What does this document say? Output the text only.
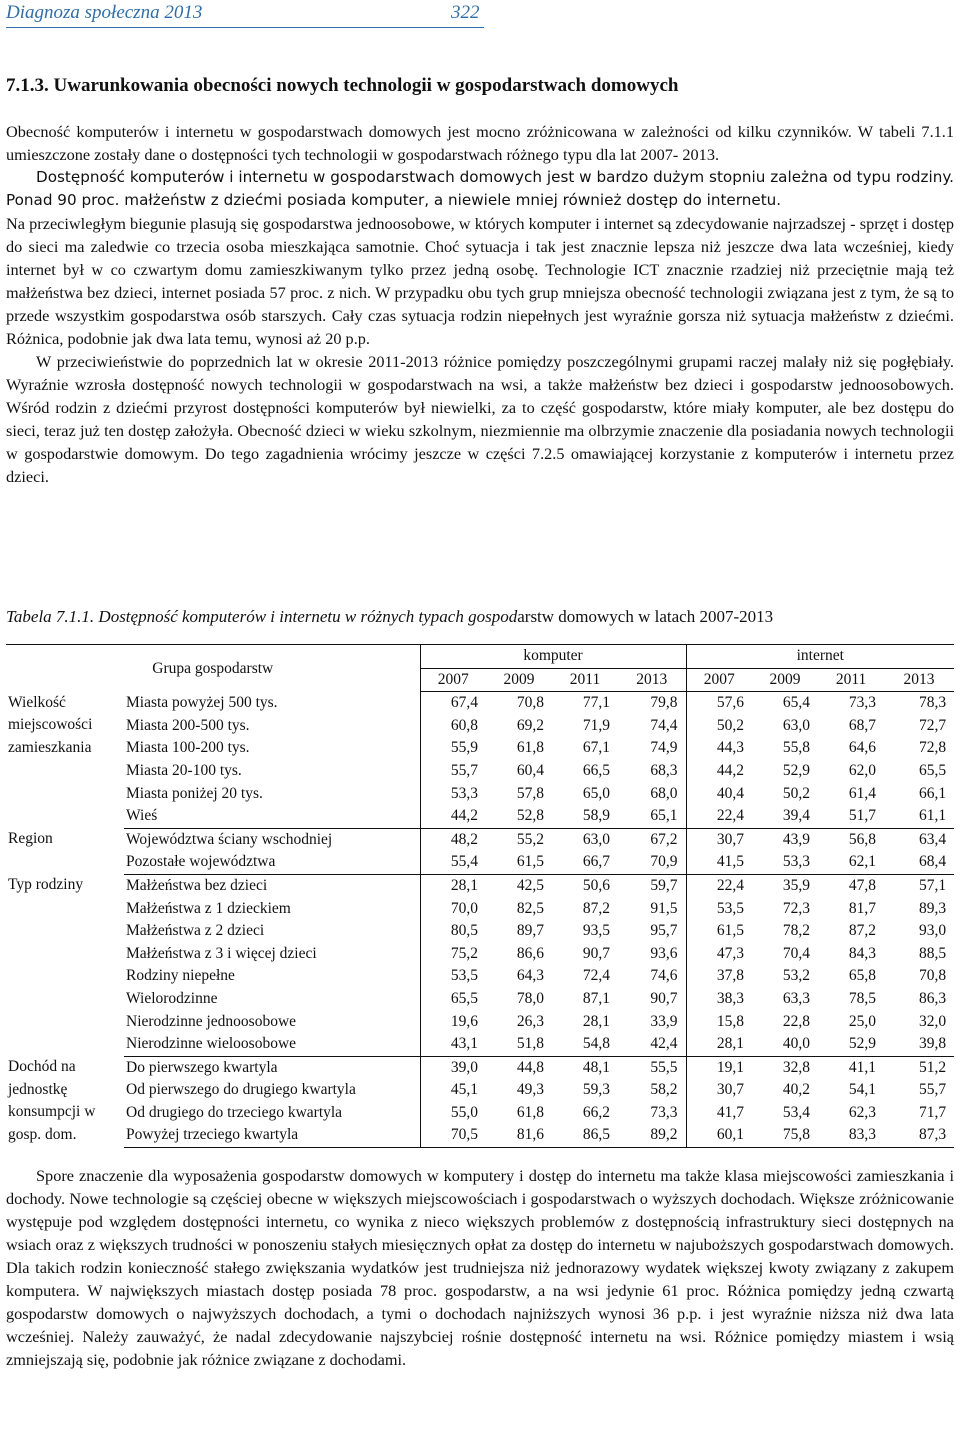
Diagnoza społeczna 2013	322
7.1.3. Uwarunkowania obecności nowych technologii w gospodarstwach domowych

Obecność komputerów i internetu w gospodarstwach domowych jest mocno zróżnicowana w zależności od kilku czynników. W tabeli 7.1.1 umieszczone zostały dane o dostępności tych technologii w gospodarstwach różnego typu dla lat 2007- 2013.

Dostępność komputerów i internetu w gospodarstwach domowych jest w bardzo dużym stopniu zależna od typu rodziny. Ponad 90 proc. małżeństw z dziećmi posiada komputer, a niewiele mniej również dostęp do internetu.

Na przeciwległym biegunie plasują się gospodarstwa jednoosobowe, w których komputer i internet są zdecydowanie najrzadszej - sprzęt i dostęp do sieci ma zaledwie co trzecia osoba mieszkająca samotnie. Choć sytuacja i tak jest znacznie lepsza niż jeszcze dwa lata wcześniej, kiedy internet był w co czwartym domu zamieszkiwanym tylko przez jedną osobę. Technologie ICT znacznie rzadziej niż przeciętnie mają też małżeństwa bez dzieci, internet posiada 57 proc. z nich. W przypadku obu tych grup mniejsza obecność technologii związana jest z tym, że są to przede wszystkim gospodarstwa osób starszych. Cały czas sytuacja rodzin niepełnych jest wyraźnie gorsza niż sytuacja małżeństw z dziećmi. Różnica, podobnie jak dwa lata temu, wynosi aż 20 p.p.

W przeciwieństwie do poprzednich lat w okresie 2011-2013 różnice pomiędzy poszczególnymi grupami raczej malały niż się pogłębiały. Wyraźnie wzrosła dostępność nowych technologii w gospodarstwach na wsi, a także małżeństw bez dzieci i gospodarstw jednoosobowych. Wśród rodzin z dziećmi przyrost dostępności komputerów był niewielki, za to część gospodarstw, które miały komputer, ale bez dostępu do sieci, teraz już ten dostęp założyła. Obecność dzieci w wieku szkolnym, niezmiennie ma olbrzymie znaczenie dla posiadania nowych technologii w gospodarstwie domowym. Do tego zagadnienia wrócimy jeszcze w części 7.2.5 omawiającej korzystanie z komputerów i internetu przez dzieci.

Tabela 7.1.1. Dostępność komputerów i internetu w różnych typach gospodarstw domowych w latach 2007-2013

Grupa gospodarstw		komputer				internet			
		2007	2009	2011	2013	2007	2009	2011	2013
Wielkość miejscowości zamieszkania	Miasta powyżej 500 tys.	67,4	70,8	77,1	79,8	57,6	65,4	73,3	78,3
	Miasta 200-500 tys.	60,8	69,2	71,9	74,4	50,2	63,0	68,7	72,7
	Miasta 100-200 tys.	55,9	61,8	67,1	74,9	44,3	55,8	64,6	72,8
	Miasta 20-100 tys.	55,7	60,4	66,5	68,3	44,2	52,9	62,0	65,5
	Miasta poniżej 20 tys.	53,3	57,8	65,0	68,0	40,4	50,2	61,4	66,1
	Wieś	44,2	52,8	58,9	65,1	22,4	39,4	51,7	61,1
Region	Województwa ściany wschodniej	48,2	55,2	63,0	67,2	30,7	43,9	56,8	63,4
	Pozostałe województwa	55,4	61,5	66,7	70,9	41,5	53,3	62,1	68,4
Typ rodziny	Małżeństwa bez dzieci	28,1	42,5	50,6	59,7	22,4	35,9	47,8	57,1
	Małżeństwa z 1 dzieckiem	70,0	82,5	87,2	91,5	53,5	72,3	81,7	89,3
	Małżeństwa z 2 dzieci	80,5	89,7	93,5	95,7	61,5	78,2	87,2	93,0
	Małżeństwa z 3 i więcej dzieci	75,2	86,6	90,7	93,6	47,3	70,4	84,3	88,5
	Rodziny niepełne	53,5	64,3	72,4	74,6	37,8	53,2	65,8	70,8
	Wielorodzinne	65,5	78,0	87,1	90,7	38,3	63,3	78,5	86,3
	Nierodzinne jednoosobowe	19,6	26,3	28,1	33,9	15,8	22,8	25,0	32,0
	Nierodzinne wieloosobowe	43,1	51,8	54,8	42,4	28,1	40,0	52,9	39,8
Dochód na jednostkę konsumpcji w gosp. dom.	Do pierwszego kwartyla	39,0	44,8	48,1	55,5	19,1	32,8	41,1	51,2
	Od pierwszego do drugiego kwartyla	45,1	49,3	59,3	58,2	30,7	40,2	54,1	55,7
	Od drugiego do trzeciego kwartyla	55,0	61,8	66,2	73,3	41,7	53,4	62,3	71,7
	Powyżej trzeciego kwartyla	70,5	81,6	86,5	89,2	60,1	75,8	83,3	87,3

Spore znaczenie dla wyposażenia gospodarstw domowych w komputery i dostęp do internetu ma także klasa miejscowości zamieszkania i dochody. Nowe technologie są częściej obecne w większych miejscowościach i gospodarstwach o wyższych dochodach. Większe zróżnicowanie występuje pod względem dostępności internetu, co wynika z nieco większych problemów z dostępnością infrastruktury sieci dostępnych na wsiach oraz z większych trudności w ponoszeniu stałych miesięcznych opłat za dostęp do internetu w najuboższych gospodarstwach domowych. Dla takich rodzin konieczność stałego zwiększania wydatków jest trudniejsza niż jednorazowy wydatek większej kwoty związany z zakupem komputera. W największych miastach dostęp posiada 78 proc. gospodarstw, a na wsi jedynie 61 proc. Różnica pomiędzy jedną czwartą gospodarstw domowych o najwyższych dochodach, a tymi o dochodach najniższych wynosi 36 p.p. i jest wyraźnie niższa niż dwa lata wcześniej. Należy zauważyć, że nadal zdecydowanie najszybciej rośnie dostępność internetu na wsi. Różnice pomiędzy miastem i wsią zmniejszają się, podobnie jak różnice związane z dochodami.
